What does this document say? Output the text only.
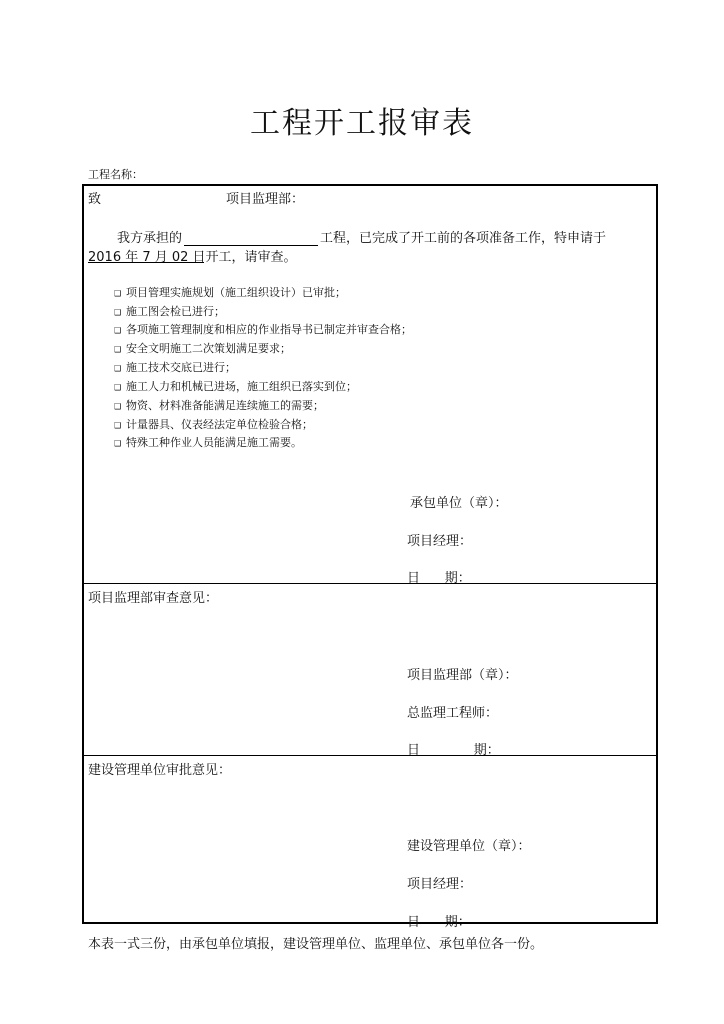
工程开工报审表
工程名称：
致	项目监理部：
我方承担的	工程，已完成了开工前的各项准备工作，特申请于
2016 年 7 月 02 日开工，请审查。
❑ 项目管理实施规划（施工组织设计）已审批；
❑ 施工图会检已进行；
❑ 各项施工管理制度和相应的作业指导书已制定并审查合格；
❑ 安全文明施工二次策划满足要求；
❑ 施工技术交底已进行；
❑ 施工人力和机械已进场，施工组织已落实到位；
❑ 物资、材料准备能满足连续施工的需要；
❑ 计量器具、仪表经法定单位检验合格；
❑ 特殊工种作业人员能满足施工需要。
承包单位（章）：
项目经理：
日      期：
项目监理部审查意见：
项目监理部（章）：
总监理工程师：
日             期：
建设管理单位审批意见：
建设管理单位（章）：
项目经理：
日      期：
本表一式三份，由承包单位填报，建设管理单位、监理单位、承包单位各一份。
